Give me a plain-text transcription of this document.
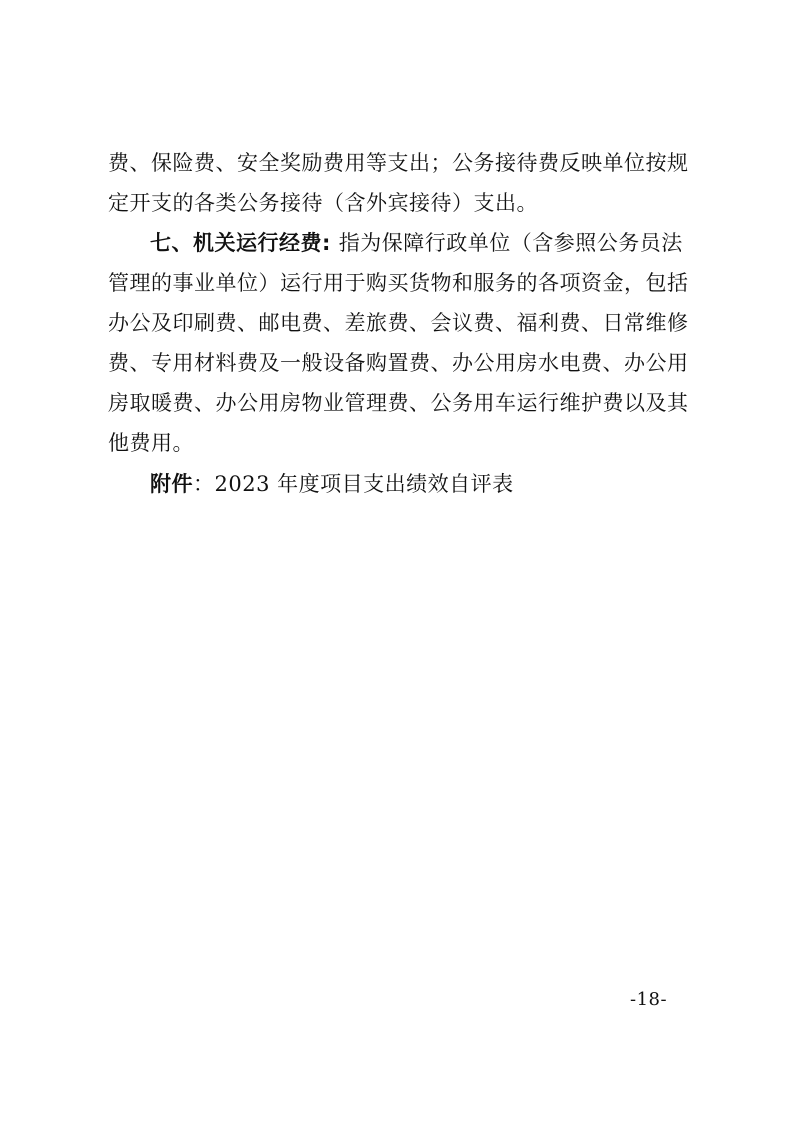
费、保险费、安全奖励费用等支出；公务接待费反映单位按规定开支的各类公务接待（含外宾接待）支出。
七、机关运行经费: 指为保障行政单位（含参照公务员法管理的事业单位）运行用于购买货物和服务的各项资金，包括办公及印刷费、邮电费、差旅费、会议费、福利费、日常维修费、专用材料费及一般设备购置费、办公用房水电费、办公用房取暖费、办公用房物业管理费、公务用车运行维护费以及其他费用。
附件：2023 年度项目支出绩效自评表
-18-
